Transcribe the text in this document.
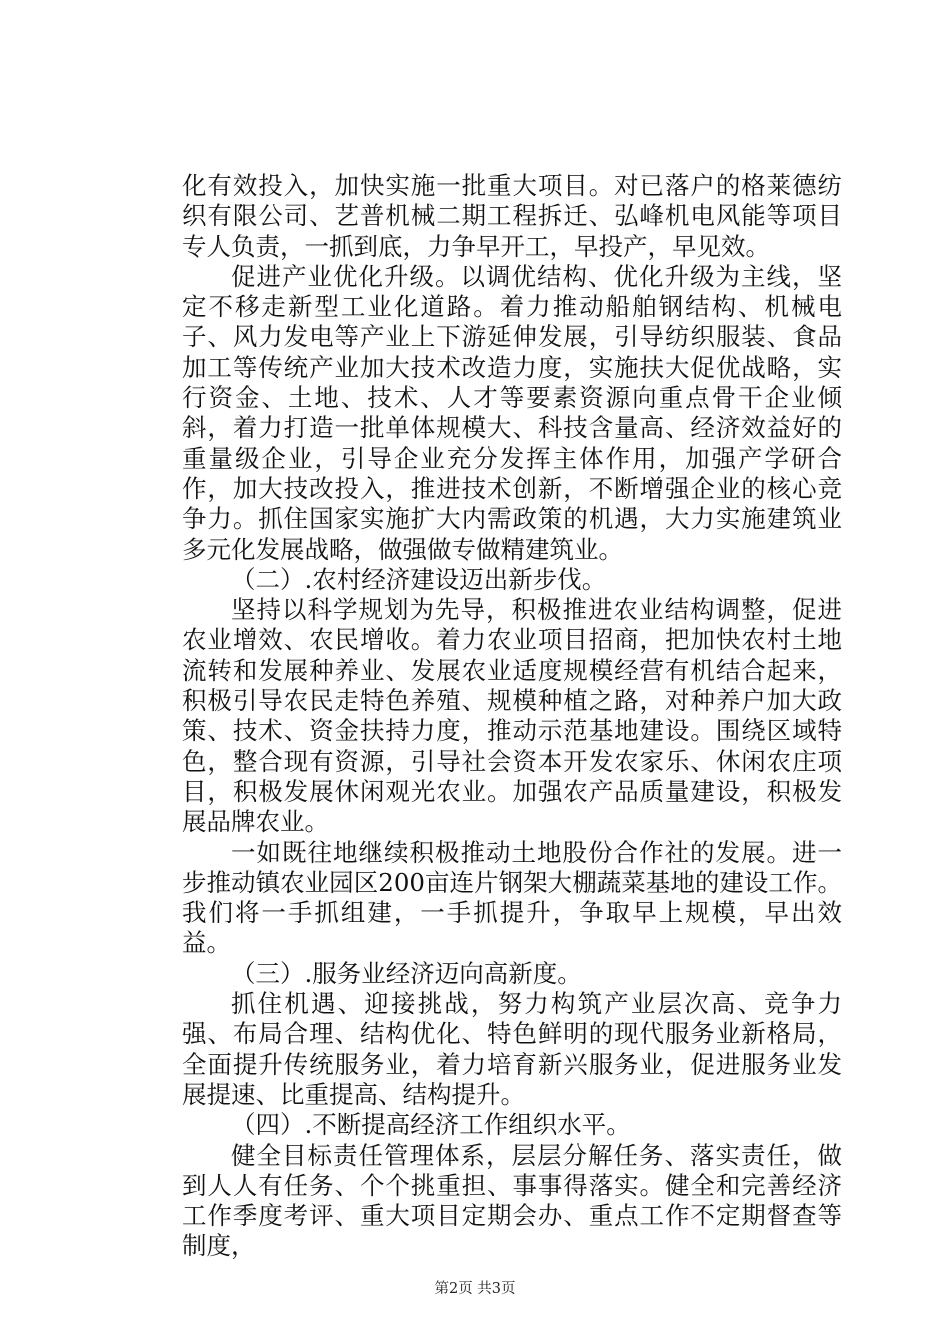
化有效投入，加快实施一批重大项目。对已落户的格莱德纺织有限公司、艺普机械二期工程拆迁、弘峰机电风能等项目专人负责，一抓到底，力争早开工，早投产，早见效。

促进产业优化升级。以调优结构、优化升级为主线，坚定不移走新型工业化道路。着力推动船舶钢结构、机械电子、风力发电等产业上下游延伸发展，引导纺织服装、食品加工等传统产业加大技术改造力度，实施扶大促优战略，实行资金、土地、技术、人才等要素资源向重点骨干企业倾斜，着力打造一批单体规模大、科技含量高、经济效益好的重量级企业，引导企业充分发挥主体作用，加强产学研合作，加大技改投入，推进技术创新，不断增强企业的核心竞争力。抓住国家实施扩大内需政策的机遇，大力实施建筑业多元化发展战略，做强做专做精建筑业。

（二）.农村经济建设迈出新步伐。

坚持以科学规划为先导，积极推进农业结构调整，促进农业增效、农民增收。着力农业项目招商，把加快农村土地流转和发展种养业、发展农业适度规模经营有机结合起来，积极引导农民走特色养殖、规模种植之路，对种养户加大政策、技术、资金扶持力度，推动示范基地建设。围绕区域特色，整合现有资源，引导社会资本开发农家乐、休闲农庄项目，积极发展休闲观光农业。加强农产品质量建设，积极发展品牌农业。

一如既往地继续积极推动土地股份合作社的发展。进一步推动镇农业园区200亩连片钢架大棚蔬菜基地的建设工作。我们将一手抓组建，一手抓提升，争取早上规模，早出效益。

（三）.服务业经济迈向高新度。

抓住机遇、迎接挑战，努力构筑产业层次高、竞争力强、布局合理、结构优化、特色鲜明的现代服务业新格局，全面提升传统服务业，着力培育新兴服务业，促进服务业发展提速、比重提高、结构提升。

（四）.不断提高经济工作组织水平。

健全目标责任管理体系，层层分解任务、落实责任，做到人人有任务、个个挑重担、事事得落实。健全和完善经济工作季度考评、重大项目定期会办、重点工作不定期督查等制度，

第2页 共3页
